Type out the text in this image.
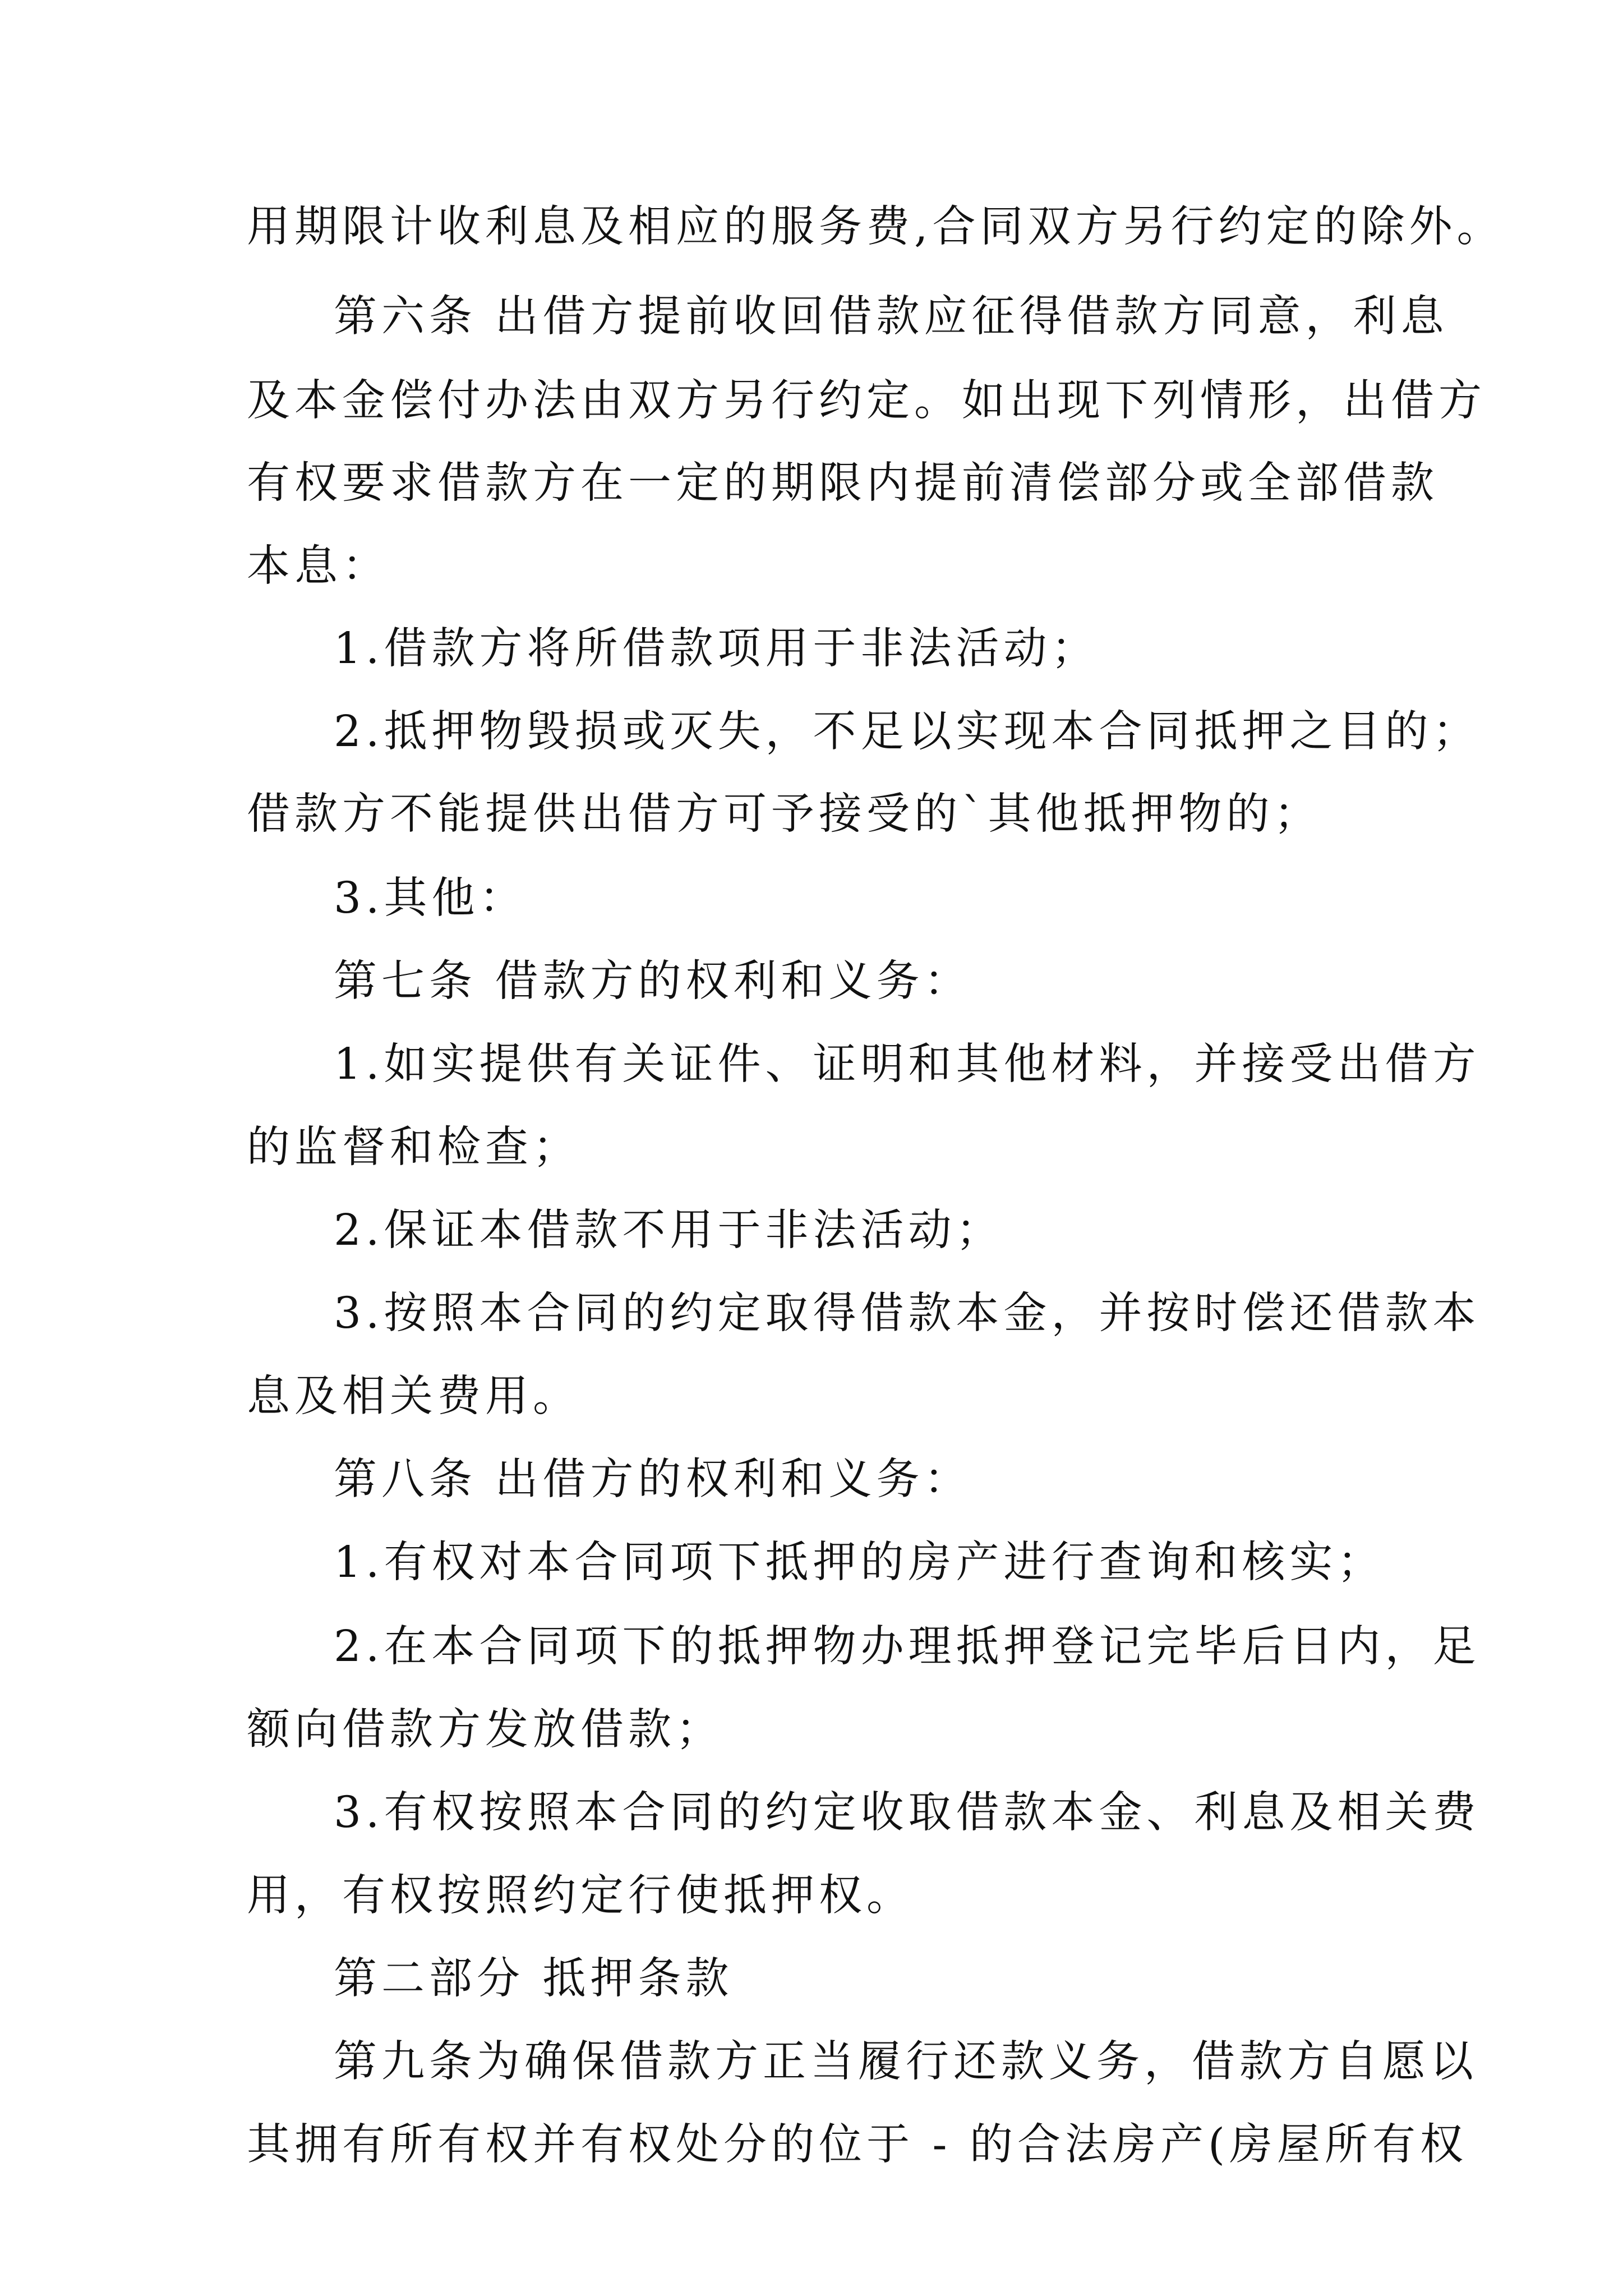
用期限计收利息及相应的服务费,合同双方另行约定的除外。

第六条 出借方提前收回借款应征得借款方同意，利息

及本金偿付办法由双方另行约定。如出现下列情形，出借方

有权要求借款方在一定的期限内提前清偿部分或全部借款

本息：

1.借款方将所借款项用于非法活动；

2.抵押物毁损或灭失，不足以实现本合同抵押之目的；

借款方不能提供出借方可予接受的`其他抵押物的；

3.其他：

第七条 借款方的权利和义务：

1.如实提供有关证件、证明和其他材料，并接受出借方

的监督和检查；

2.保证本借款不用于非法活动；

3.按照本合同的约定取得借款本金，并按时偿还借款本

息及相关费用。

第八条 出借方的权利和义务：

1.有权对本合同项下抵押的房产进行查询和核实；

2.在本合同项下的抵押物办理抵押登记完毕后日内，足

额向借款方发放借款；

3.有权按照本合同的约定收取借款本金、利息及相关费

用，有权按照约定行使抵押权。

第二部分 抵押条款

第九条为确保借款方正当履行还款义务，借款方自愿以

其拥有所有权并有权处分的位于 - 的合法房产(房屋所有权
